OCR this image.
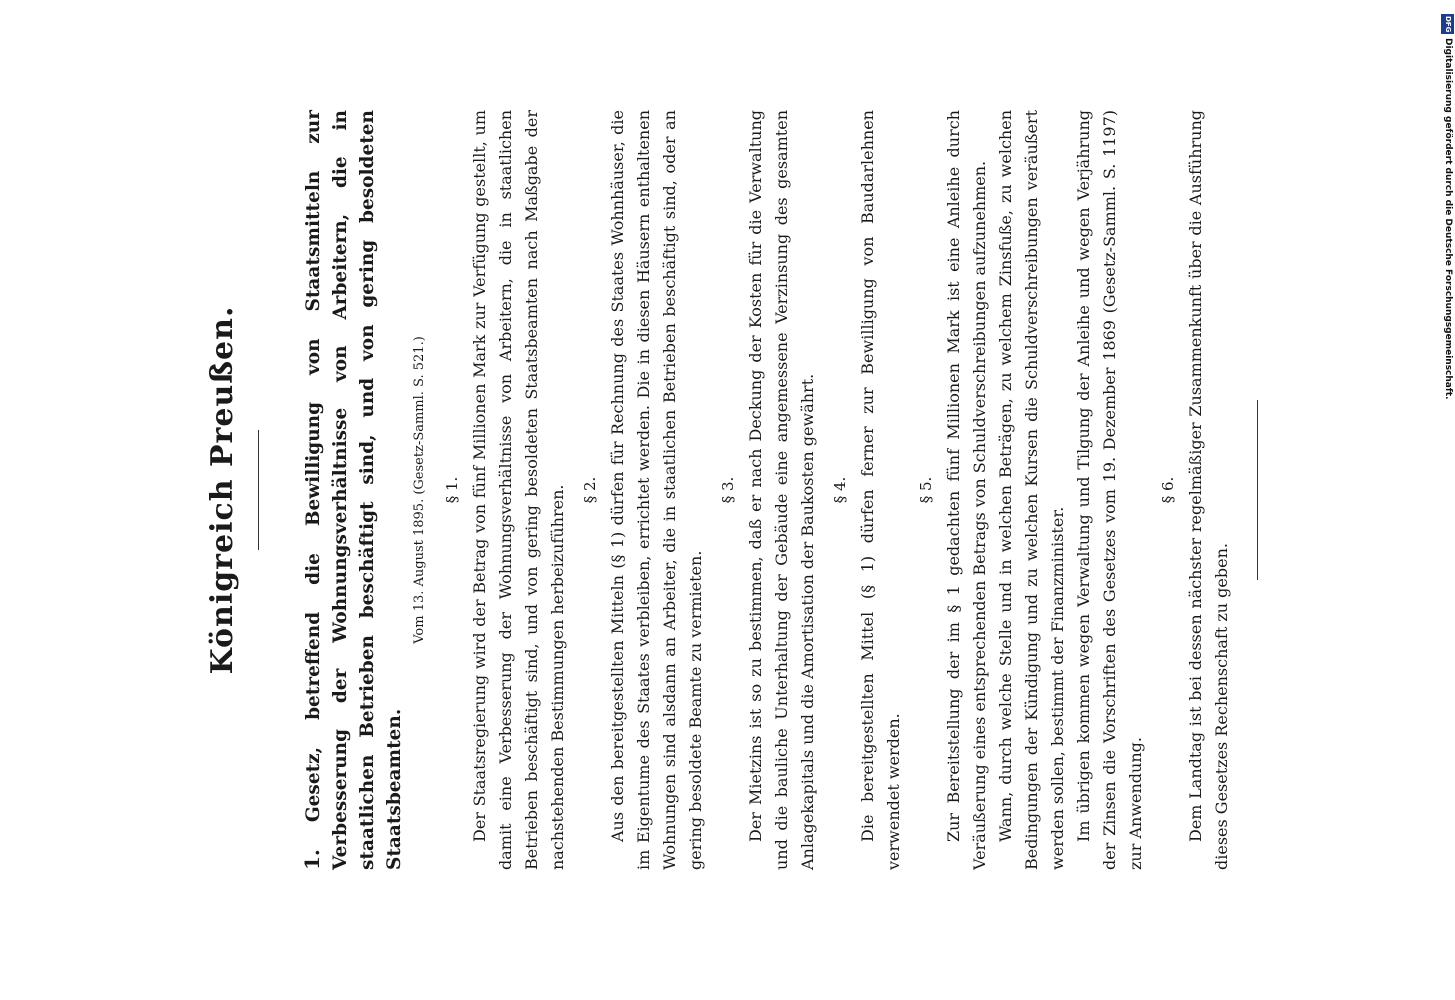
Königreich Preußen.

1. Gesetz, betreffend die Bewilligung von Staatsmitteln zur Verbesserung der Wohnungsverhältnisse von Arbeitern, die in staatlichen Betrieben beschäftigt sind, und von gering besoldeten Staatsbeamten.

Vom 13. August 1895. (Gesetz-Samml. S. 521.) § 1. Der Staatsregierung wird der Betrag von fünf Millionen Mark zur Verfügung gestellt, um damit eine Verbesserung der Wohnungsverhältnisse von Arbeitern, die in staatlichen Betrieben beschäftigt sind, und von gering besoldeten Staatsbeamten nach Maßgabe der nachstehenden Bestimmungen herbeizuführen. § 2. Aus den bereitgestellten Mitteln (§ 1) dürfen für Rechnung des Staates Wohnhäuser, die im Eigentume des Staates verbleiben, errichtet werden. Die in diesen Häusern enthaltenen Wohnungen sind alsdann an Arbeiter, die in staatlichen Betrieben beschäftigt sind, oder an gering besoldete Beamte zu vermieten.

§ 3. Der Mietzins ist so zu bestimmen, daß er nach Deckung der Kosten für die Verwaltung und die bauliche Unterhaltung der Gebäude eine angemessene Verzinsung des gesamten Anlagekapitals und die Amortisation der Baukosten gewährt. § 4. Die bereitgestellten Mittel (§ 1) dürfen ferner zur Bewilligung von Baudarlehnen verwendet werden.

§ 5. Zur Bereitstellung der im § 1 gedachten fünf Millionen Mark ist eine Anleihe durch Veräußerung eines entsprechenden Betrags von Schuldverschreibungen aufzunehmen. Wann, durch welche Stelle und in welchen Beträgen, zu welchem Zinsfuße, zu welchen Bedingungen der Kündigung und zu welchen Kursen die Schuldverschreibungen veräußert werden sollen, bestimmt der Finanzminister. Im übrigen kommen wegen Verwaltung und Tilgung der Anleihe und wegen Verjährung der Zinsen die Vorschriften des Gesetzes vom 19. Dezember 1869 (Gesetz-Samml. S. 1197) zur Anwendung.

§ 6. Dem Landtag ist bei dessen nächster regelmäßiger Zusammenkunft über die Ausführung dieses Gesetzes Rechenschaft zu geben.

DFG
Digitalisierung gefördert durch die Deutsche Forschungsgemeinschaft.
